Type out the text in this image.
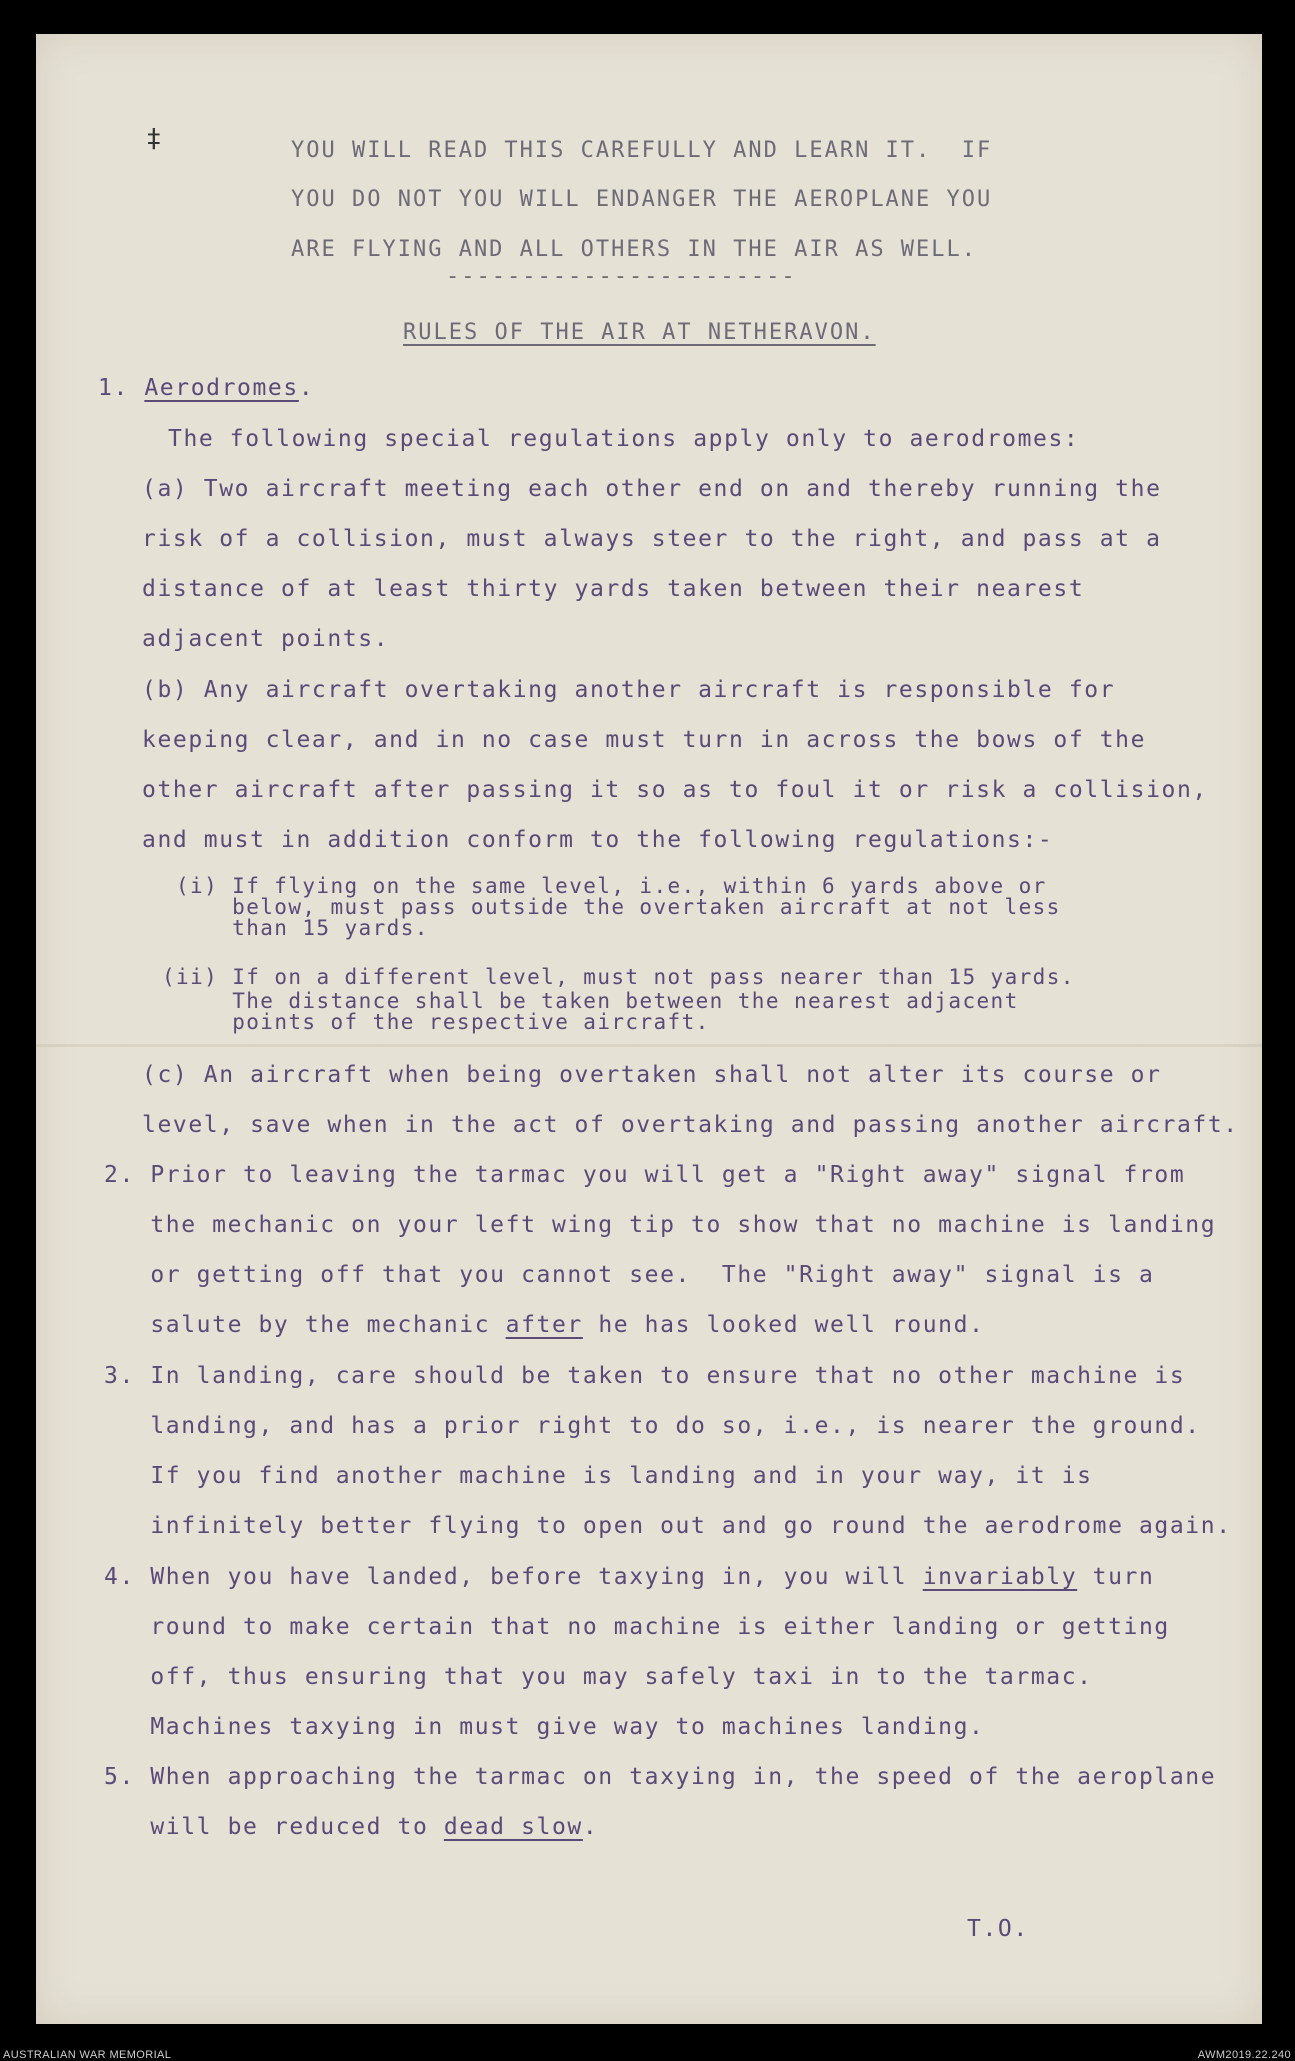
‡	YOU WILL READ THIS CAREFULLY AND LEARN IT.  IF
YOU DO NOT YOU WILL ENDANGER THE AEROPLANE YOU
ARE FLYING AND ALL OTHERS IN THE AIR AS WELL.
-----------------------
RULES OF THE AIR AT NETHERAVON.
1. Aerodromes.
The following special regulations apply only to aerodromes:
(a) Two aircraft meeting each other end on and thereby running the
risk of a collision, must always steer to the right, and pass at a
distance of at least thirty yards taken between their nearest
adjacent points.
(b) Any aircraft overtaking another aircraft is responsible for
keeping clear, and in no case must turn in across the bows of the
other aircraft after passing it so as to foul it or risk a collision,
and must in addition conform to the following regulations:-
(i) If flying on the same level, i.e., within 6 yards above or
below, must pass outside the overtaken aircraft at not less
than 15 yards.
(ii) If on a different level, must not pass nearer than 15 yards.
The distance shall be taken between the nearest adjacent
points of the respective aircraft.
(c) An aircraft when being overtaken shall not alter its course or
level, save when in the act of overtaking and passing another aircraft.
2. Prior to leaving the tarmac you will get a "Right away" signal from
the mechanic on your left wing tip to show that no machine is landing
or getting off that you cannot see.  The "Right away" signal is a
salute by the mechanic after he has looked well round.
3. In landing, care should be taken to ensure that no other machine is
landing, and has a prior right to do so, i.e., is nearer the ground.
If you find another machine is landing and in your way, it is
infinitely better flying to open out and go round the aerodrome again.
4. When you have landed, before taxying in, you will invariably turn
round to make certain that no machine is either landing or getting
off, thus ensuring that you may safely taxi in to the tarmac.
Machines taxying in must give way to machines landing.
5. When approaching the tarmac on taxying in, the speed of the aeroplane
will be reduced to dead slow.
T.O.
AUSTRALIAN WAR MEMORIAL	AWM2019.22.240
